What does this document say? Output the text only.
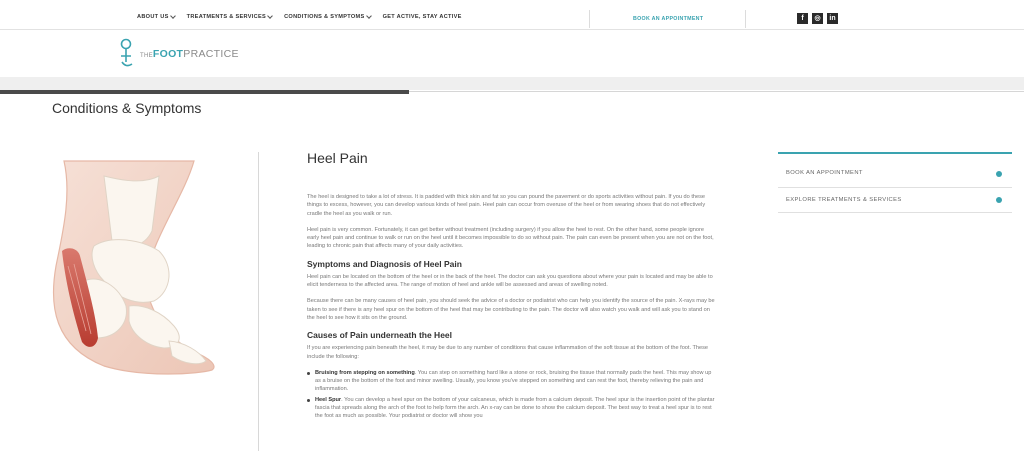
ABOUT US	TREATMENTS & SERVICES	CONDITIONS & SYMPTOMS	GET ACTIVE, STAY ACTIVE	BOOK AN APPOINTMENT	f	◎	in
THEFOOTPRACTICE
Conditions & Symptoms
Heel Pain

The heel is designed to take a lot of stress. It is padded with thick skin and fat so you can pound the pavement or do sports activities without pain. If you do these things to excess, however, you can develop various kinds of heel pain. Heel pain can occur from overuse of the heel or from wearing shoes that do not effectively cradle the heel as you walk or run.

Heel pain is very common. Fortunately, it can get better without treatment (including surgery) if you allow the heel to rest. On the other hand, some people ignore early heel pain and continue to walk or run on the heel until it becomes impossible to do so without pain. The pain can even be present when you are not on the foot, leading to chronic pain that affects many of your daily activities.

Symptoms and Diagnosis of Heel Pain

Heel pain can be located on the bottom of the heel or in the back of the heel. The doctor can ask you questions about where your pain is located and may be able to elicit tenderness to the affected area. The range of motion of heel and ankle will be assessed and areas of swelling noted.

Because there can be many causes of heel pain, you should seek the advice of a doctor or podiatrist who can help you identify the source of the pain. X-rays may be taken to see if there is any heel spur on the bottom of the heel that may be contributing to the pain. The doctor will also watch you walk and will ask you to stand on the heel to see how it sits on the ground.

Causes of Pain underneath the Heel

If you are experiencing pain beneath the heel, it may be due to any number of conditions that cause inflammation of the soft tissue at the bottom of the foot. These include the following:

Bruising from stepping on something. You can step on something hard like a stone or rock, bruising the tissue that normally pads the heel. This may show up as a bruise on the bottom of the foot and minor swelling. Usually, you know you've stepped on something and can rest the foot, thereby relieving the pain and inflammation.
Heel Spur. You can develop a heel spur on the bottom of your calcaneus, which is made from a calcium deposit. The heel spur is the insertion point of the plantar fascia that spreads along the arch of the foot to help form the arch. An x-ray can be done to show the calcium deposit. The best way to treat a heel spur is to rest the foot as much as possible. Your podiatrist or doctor will show you
BOOK AN APPOINTMENT
EXPLORE TREATMENTS & SERVICES
